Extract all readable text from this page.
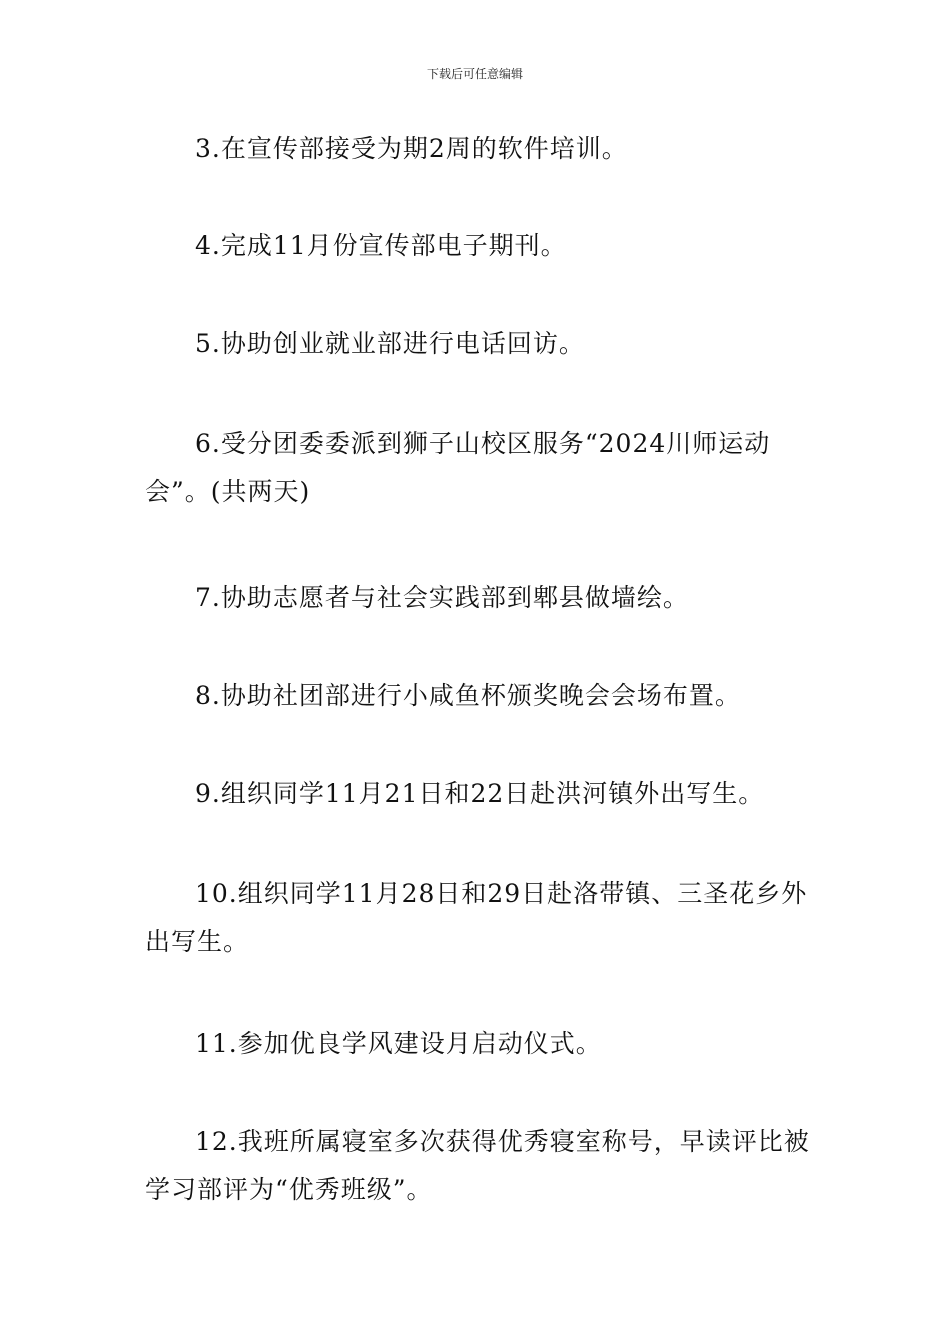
下载后可任意编辑

3.在宣传部接受为期2周的软件培训。

4.完成11月份宣传部电子期刊。

5.协助创业就业部进行电话回访。

6.受分团委委派到狮子山校区服务“2024川师运动会”。(共两天)

7.协助志愿者与社会实践部到郫县做墙绘。

8.协助社团部进行小咸鱼杯颁奖晚会会场布置。

9.组织同学11月21日和22日赴洪河镇外出写生。

10.组织同学11月28日和29日赴洛带镇、三圣花乡外出写生。

11.参加优良学风建设月启动仪式。

12.我班所属寝室多次获得优秀寝室称号，早读评比被学习部评为“优秀班级”。
